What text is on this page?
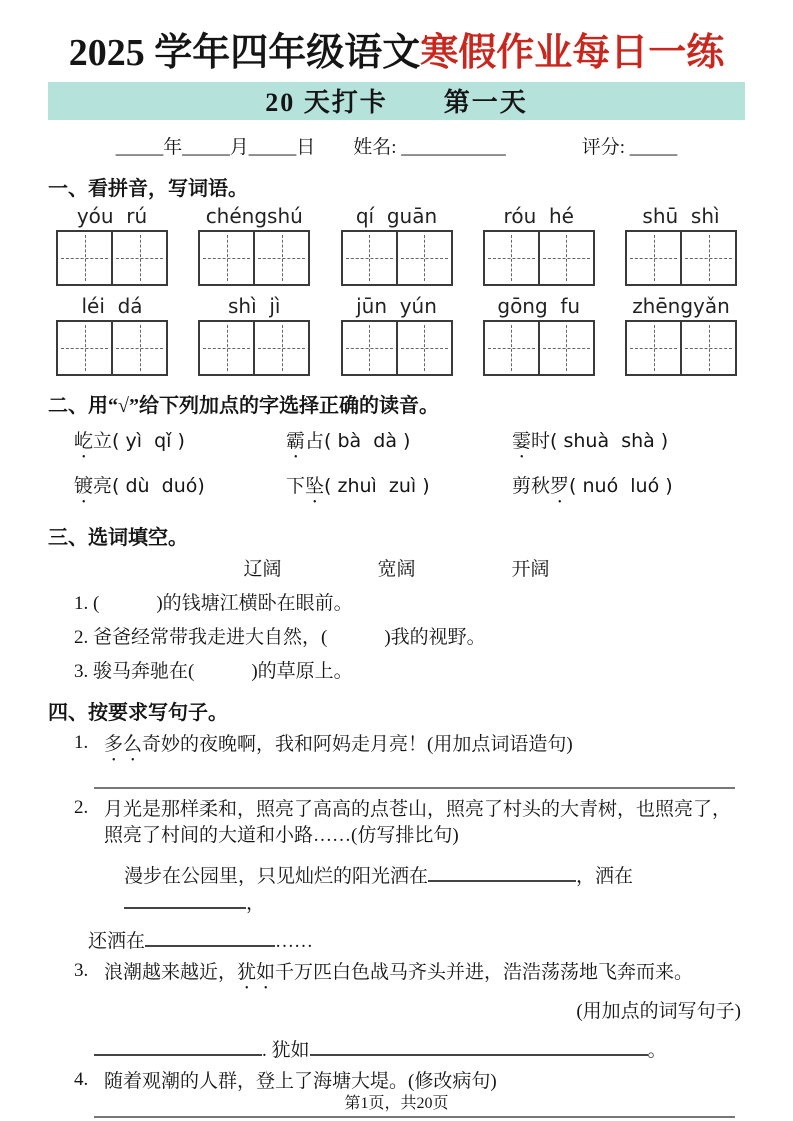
2025 学年四年级语文寒假作业每日一练
20 天打卡　　第一天
_____年_____月_____日　　姓名: ___________　　　　评分: _____
一、看拼音，写词语。
yóu  rú	chéngshú	qí  guān	róu  hé	shū  shì
léi  dá	shì  jì	jūn  yún	gōng  fu	zhēngyǎn
二、用“√”给下列加点的字选择正确的读音。
屹立( yì  qǐ )	霸占( bà  dà )	霎时( shuà  shà )
镀亮( dù  duó)	下坠( zhuì  zuì )	剪秋罗( nuó  luó )
三、选词填空。
辽阔	宽阔	开阔
1. (　　　)的钱塘江横卧在眼前。
2. 爸爸经常带我走进大自然，(　　　)我的视野。
3. 骏马奔驰在(　　　)的草原上。
四、按要求写句子。
1. 多么奇妙的夜晚啊，我和阿妈走月亮！(用加点词语造句)
2. 月光是那样柔和，照亮了高高的点苍山，照亮了村头的大青树，也照亮了，照亮了村间的大道和小路……(仿写排比句)
漫步在公园里，只见灿烂的阳光洒在	，洒在，
还洒在	……
3. 浪潮越来越近，犹如千万匹白色战马齐头并进，浩浩荡荡地飞奔而来。
(用加点的词写句子)
. 犹如	。
4. 随着观潮的人群，登上了海塘大堤。(修改病句)
第1页，共20页
